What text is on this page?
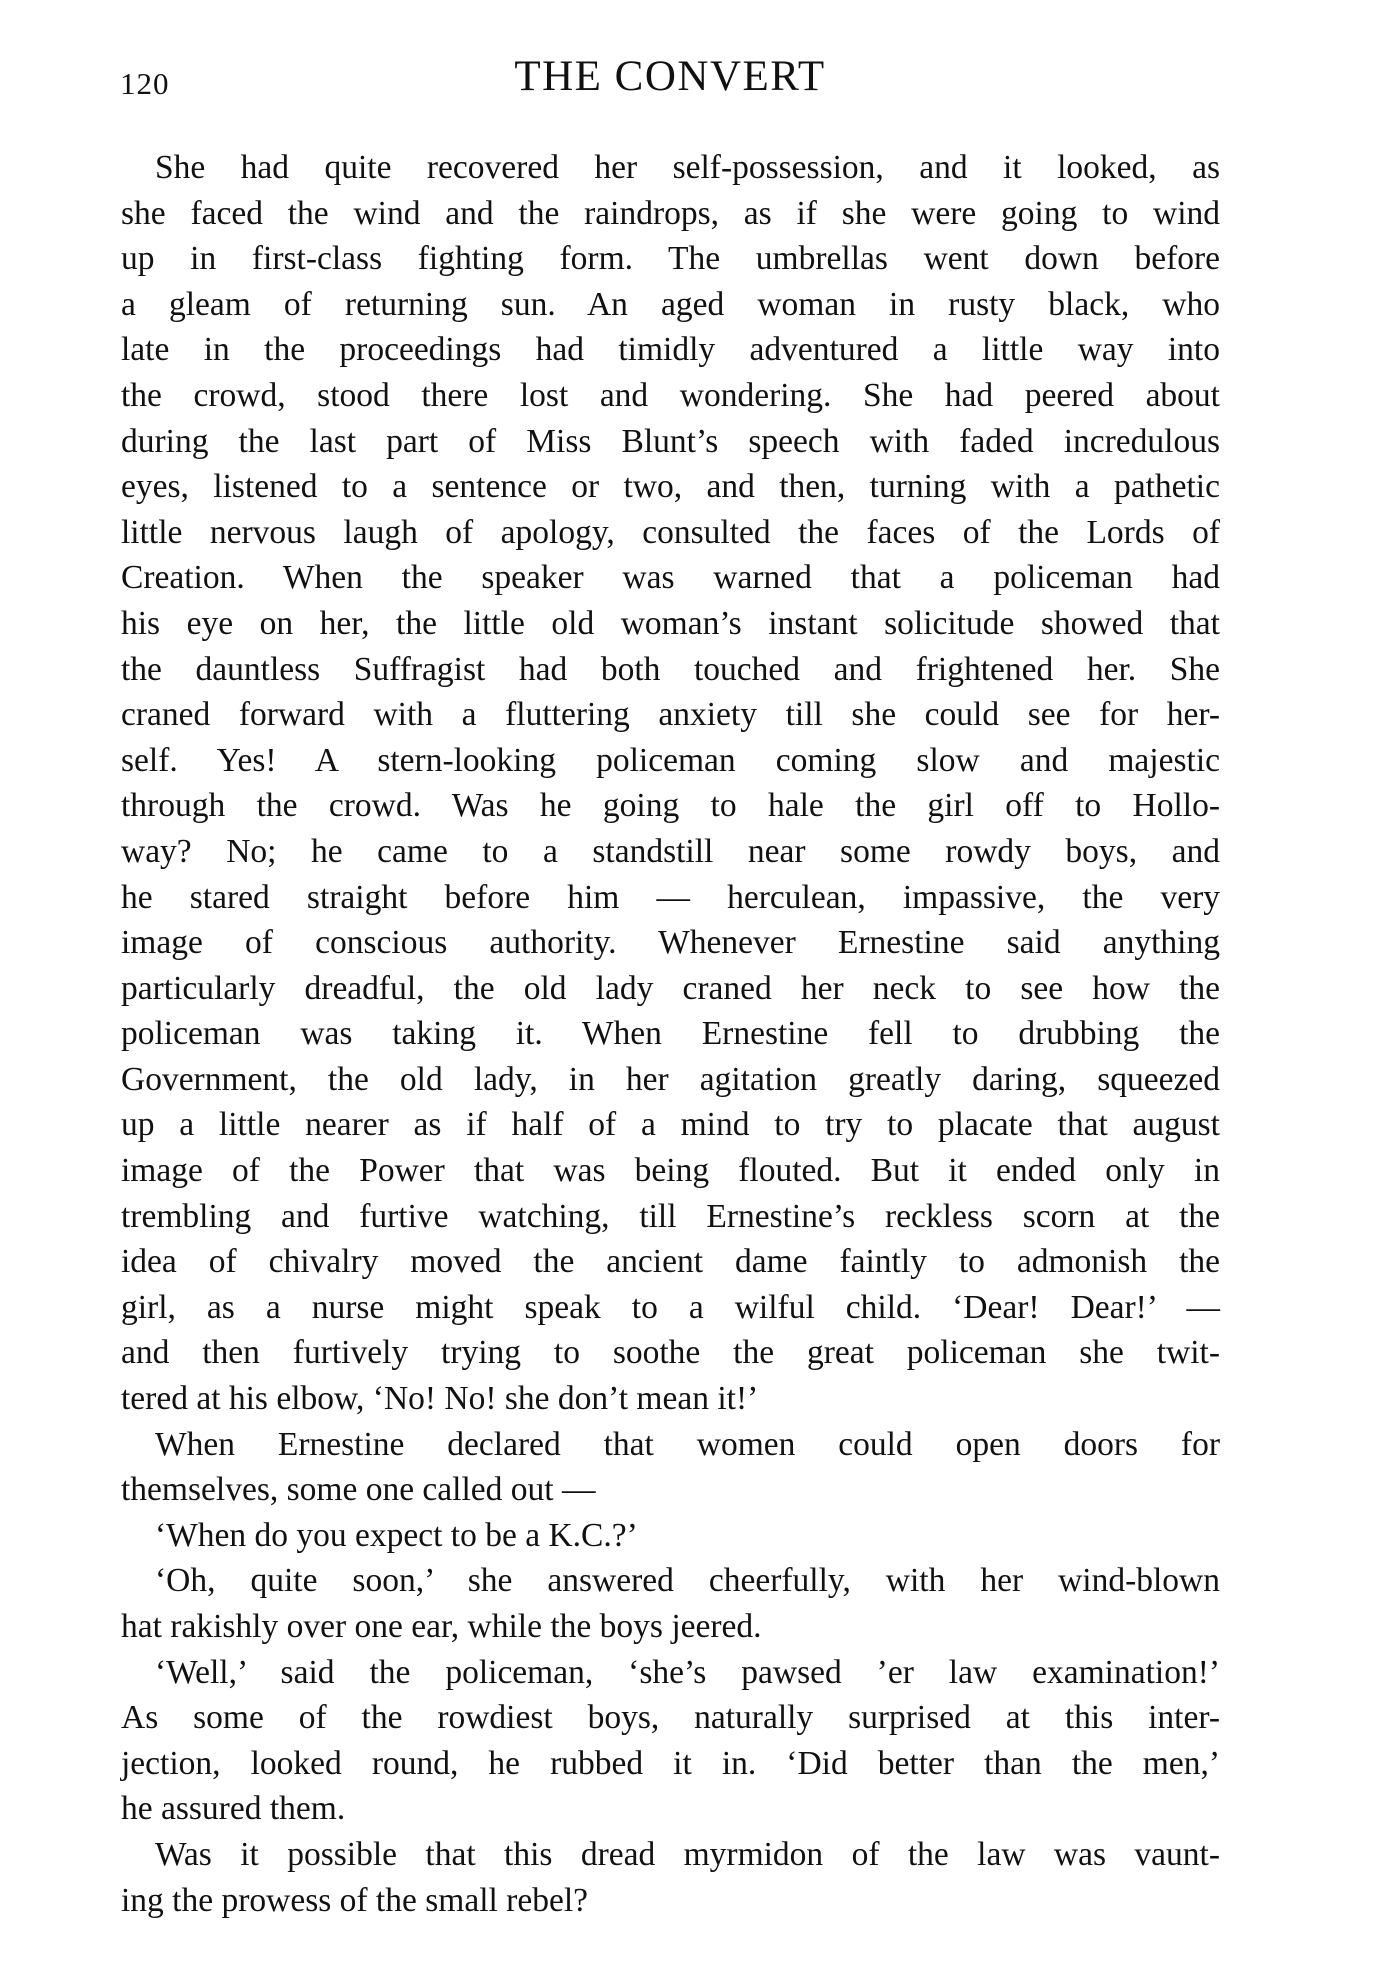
120	THE CONVERT
She had quite recovered her self-possession, and it looked, as
she faced the wind and the raindrops, as if she were going to wind
up in first-class fighting form. The umbrellas went down before
a gleam of returning sun. An aged woman in rusty black, who
late in the proceedings had timidly adventured a little way into
the crowd, stood there lost and wondering. She had peered about
during the last part of Miss Blunt’s speech with faded incredulous
eyes, listened to a sentence or two, and then, turning with a pathetic
little nervous laugh of apology, consulted the faces of the Lords of
Creation. When the speaker was warned that a policeman had
his eye on her, the little old woman’s instant solicitude showed that
the dauntless Suffragist had both touched and frightened her. She
craned forward with a fluttering anxiety till she could see for her-
self. Yes! A stern-looking policeman coming slow and majestic
through the crowd. Was he going to hale the girl off to Hollo-
way? No; he came to a standstill near some rowdy boys, and
he stared straight before him — herculean, impassive, the very
image of conscious authority. Whenever Ernestine said anything
particularly dreadful, the old lady craned her neck to see how the
policeman was taking it. When Ernestine fell to drubbing the
Government, the old lady, in her agitation greatly daring, squeezed
up a little nearer as if half of a mind to try to placate that august
image of the Power that was being flouted. But it ended only in
trembling and furtive watching, till Ernestine’s reckless scorn at the
idea of chivalry moved the ancient dame faintly to admonish the
girl, as a nurse might speak to a wilful child. ‘Dear! Dear!’ —
and then furtively trying to soothe the great policeman she twit-
tered at his elbow, ‘No! No! she don’t mean it!’
When Ernestine declared that women could open doors for
themselves, some one called out —
‘When do you expect to be a K.C.?’
‘Oh, quite soon,’ she answered cheerfully, with her wind-blown
hat rakishly over one ear, while the boys jeered.
‘Well,’ said the policeman, ‘she’s pawsed ’er law examination!’
As some of the rowdiest boys, naturally surprised at this inter-
jection, looked round, he rubbed it in. ‘Did better than the men,’
he assured them.
Was it possible that this dread myrmidon of the law was vaunt-
ing the prowess of the small rebel?
